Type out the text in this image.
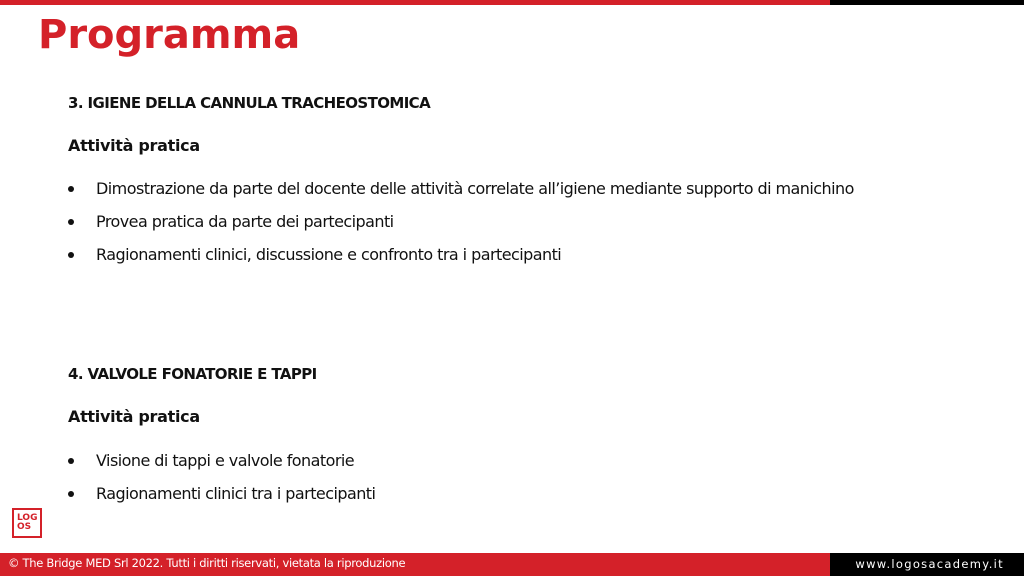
Programma
3. IGIENE DELLA CANNULA TRACHEOSTOMICA
Attività pratica
Dimostrazione da parte del docente delle attività correlate all’igiene mediante supporto di manichino
Provea pratica da parte dei partecipanti
Ragionamenti clinici, discussione e confronto tra i partecipanti
4. VALVOLE FONATORIE E TAPPI
Attività pratica
Visione di tappi e valvole fonatorie
Ragionamenti clinici tra i partecipanti
LOG
OS
© The Bridge MED Srl 2022. Tutti i diritti riservati, vietata la riproduzione	www.logosacademy.it
